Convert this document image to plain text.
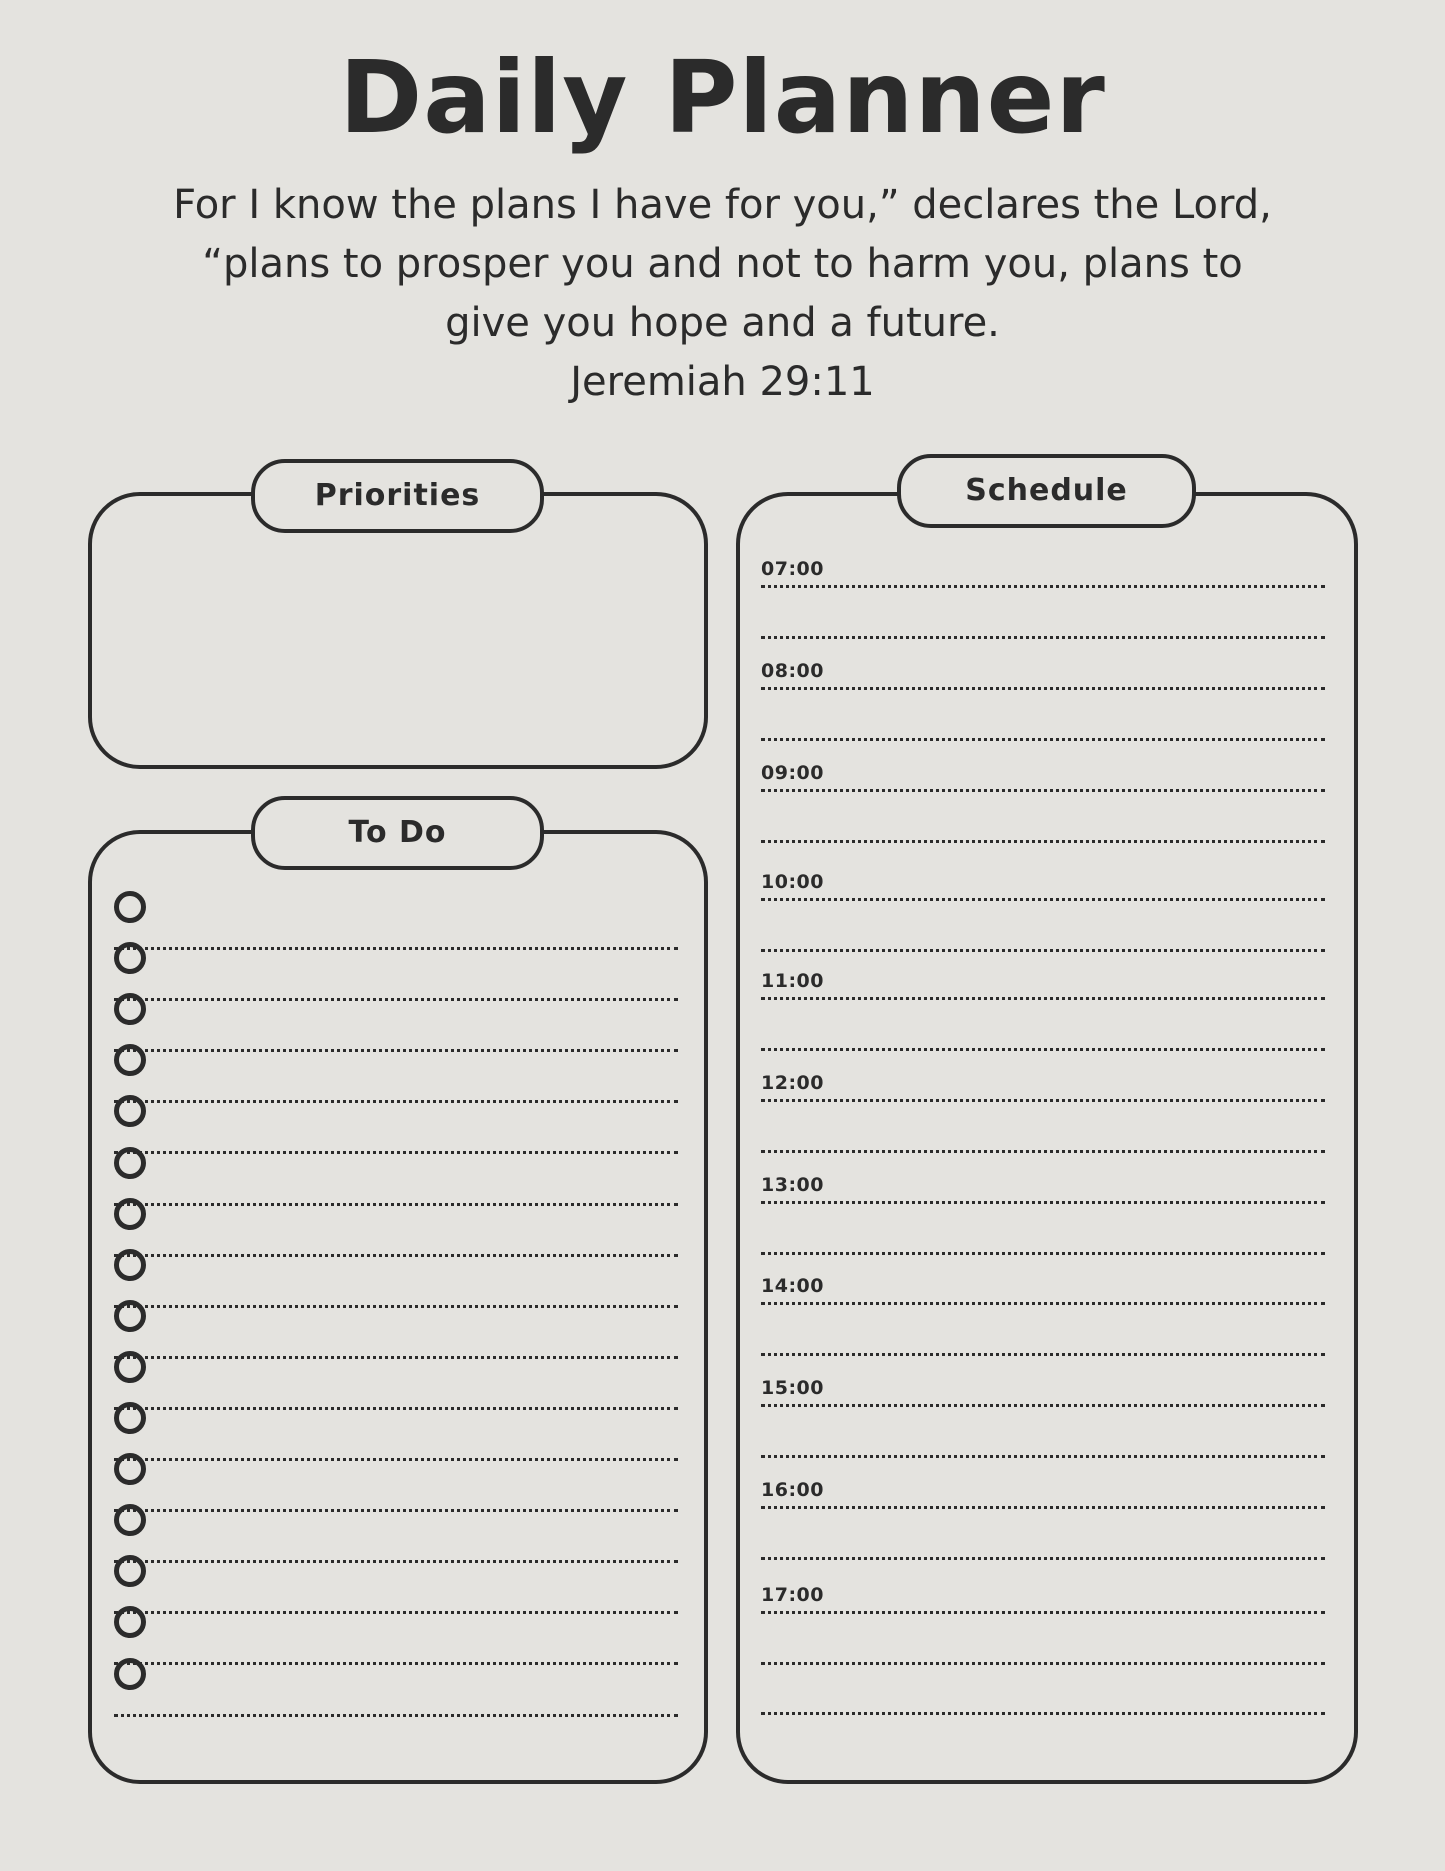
Daily Planner
For I know the plans I have for you,” declares the Lord,
“plans to prosper you and not to harm you, plans to
give you hope and a future.
Jeremiah 29:11
Priorities
To Do
Schedule
07:00
08:00
09:00
10:00
11:00
12:00
13:00
14:00
15:00
16:00
17:00
